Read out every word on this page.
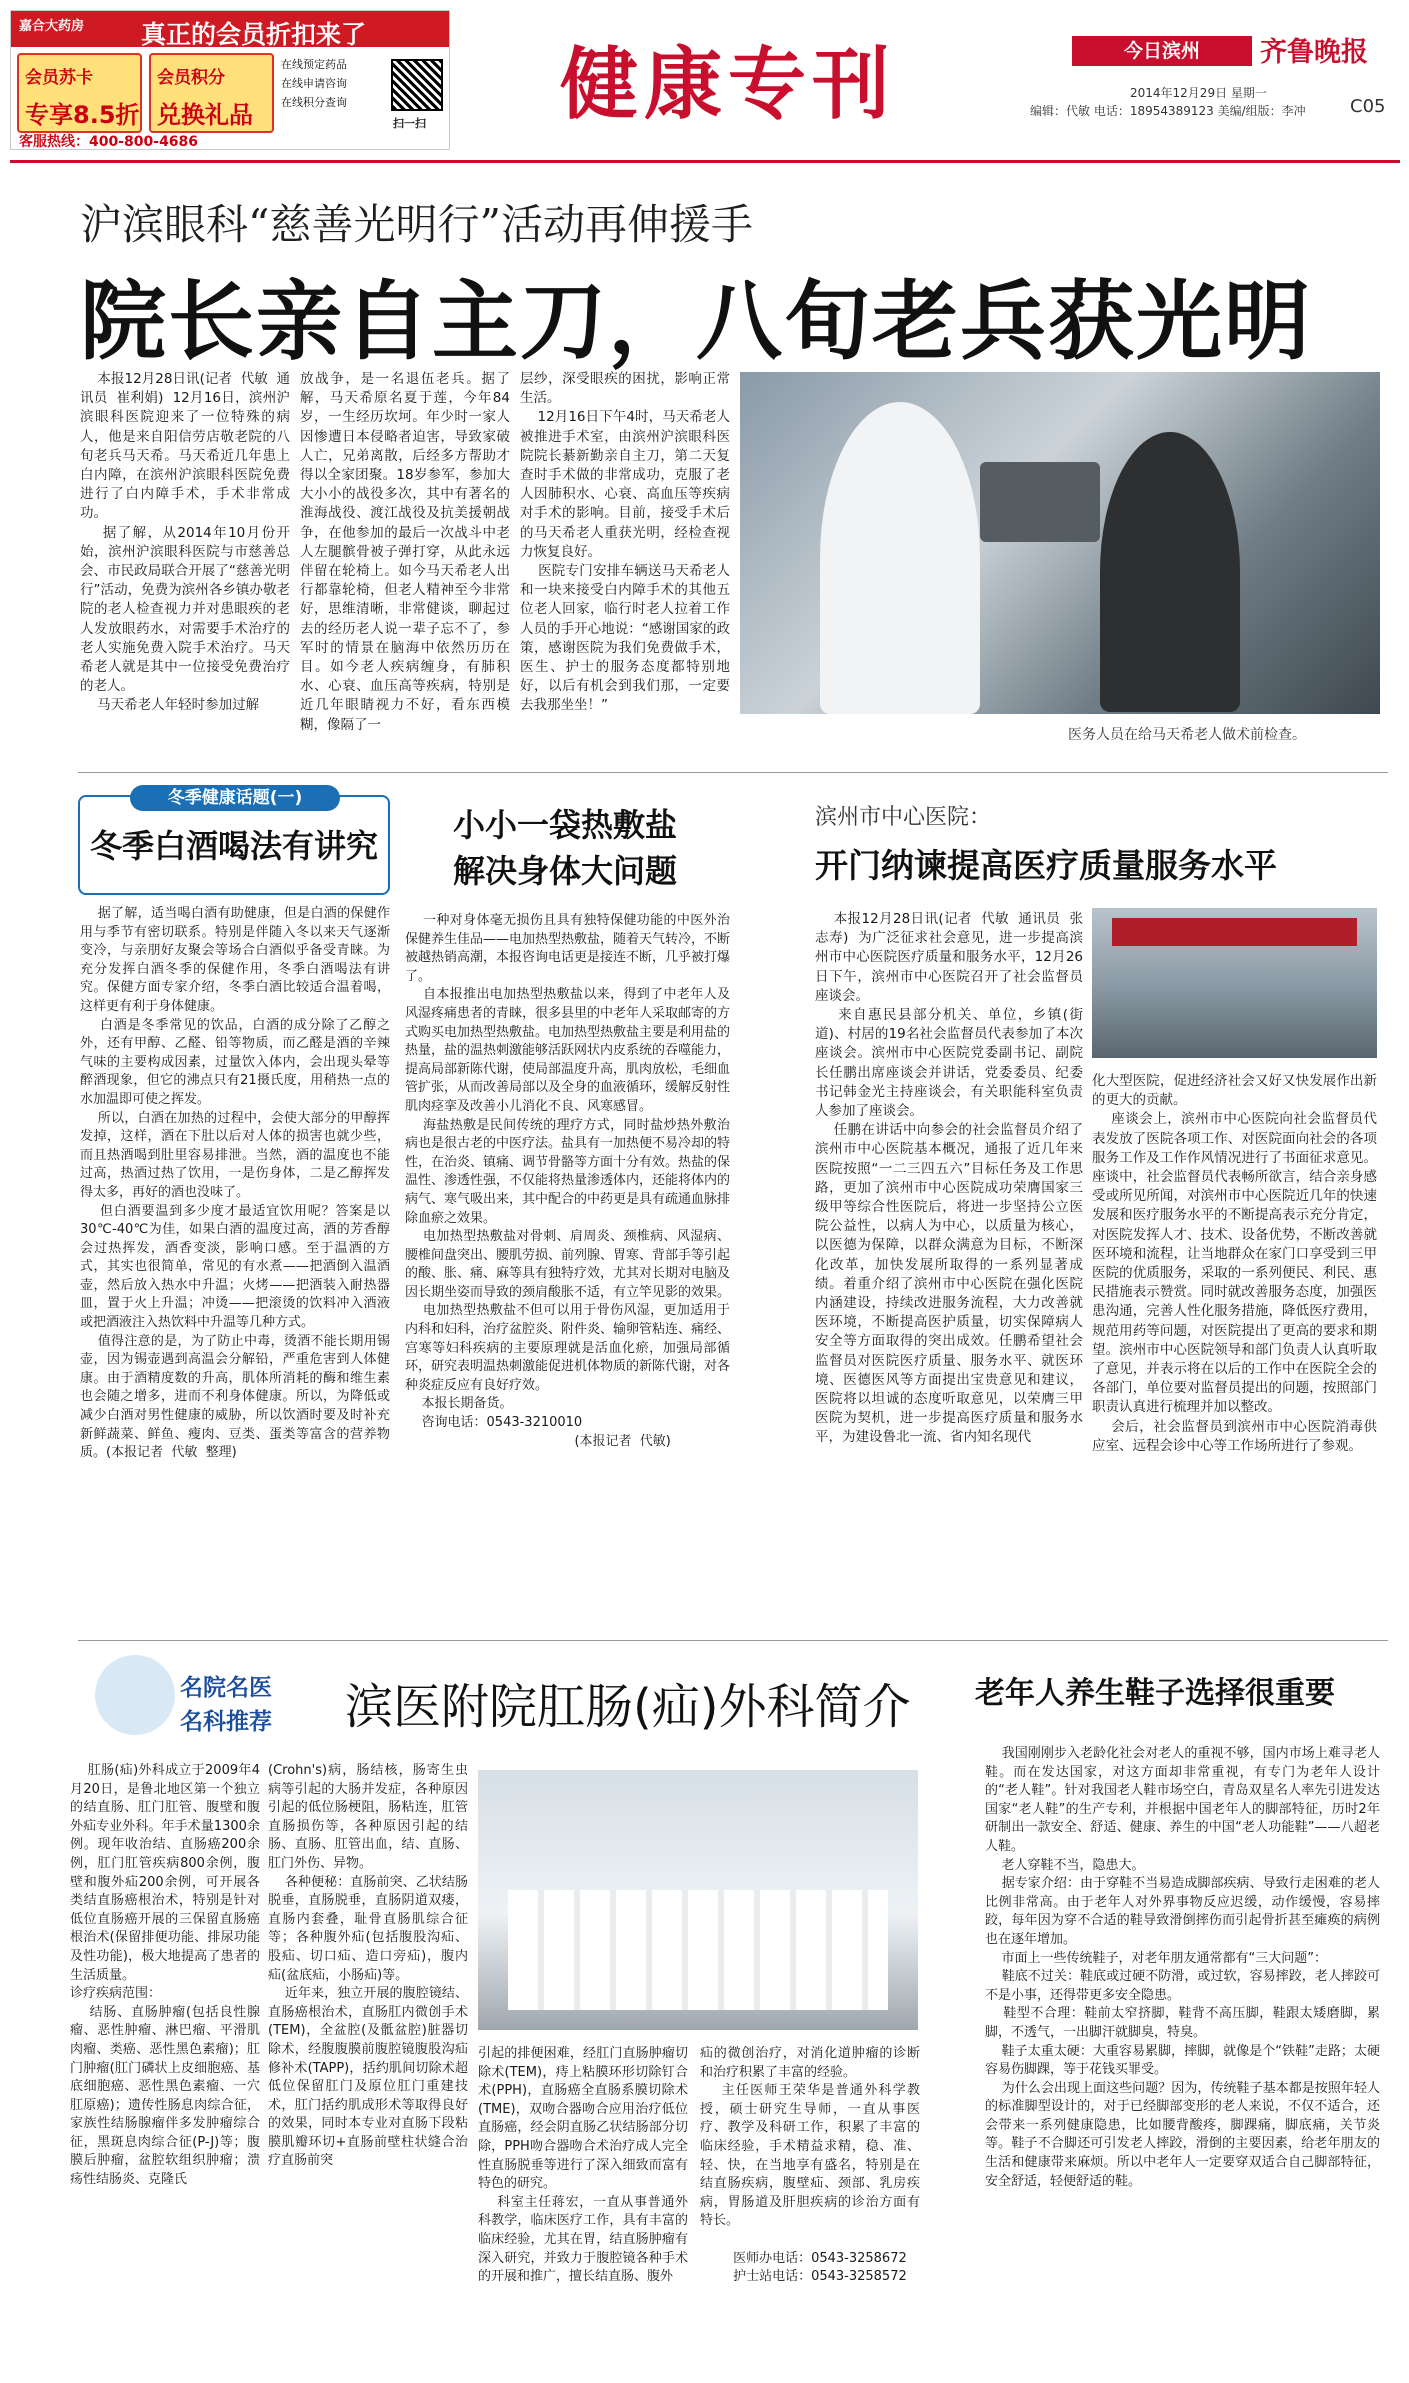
嘉合大药房 真正的会员折扣来了
会员苏卡
专享8.5折
会员积分
兑换礼品
在线预定药品
在线申请咨询
在线积分查询
扫一扫
客服热线：400-800-4686
健康专刊	今日滨州	齐鲁晚报
2014年12月29日 星期一
编辑：代敏 电话：18954389123 美编/组版：李冲 C05
沪滨眼科“慈善光明行”活动再伸援手
院长亲自主刀，八旬老兵获光明
本报12月28日讯(记者  代敏  通讯员  崔利娟)  12月16日，滨州沪滨眼科医院迎来了一位特殊的病人，他是来自阳信劳店敬老院的八旬老兵马天希。马天希近几年患上白内障，在滨州沪滨眼科医院免费进行了白内障手术，手术非常成功。
据了解，从2014年10月份开始，滨州沪滨眼科医院与市慈善总会、市民政局联合开展了“慈善光明行”活动，免费为滨州各乡镇办敬老院的老人检查视力并对患眼疾的老人发放眼药水，对需要手术治疗的老人实施免费入院手术治疗。马天希老人就是其中一位接受免费治疗的老人。
马天希老人年轻时参加过解
放战争，是一名退伍老兵。据了解，马天希原名夏于莲，今年84岁，一生经历坎坷。年少时一家人因惨遭日本侵略者迫害，导致家破人亡，兄弟离散，后经多方帮助才得以全家团聚。18岁参军，参加大大小小的战役多次，其中有著名的淮海战役、渡江战役及抗美援朝战争，在他参加的最后一次战斗中老人左腿髌骨被子弹打穿，从此永远伴留在轮椅上。如今马天希老人出行都靠轮椅，但老人精神至今非常好，思维清晰，非常健谈，聊起过去的经历老人说一辈子忘不了，参军时的情景在脑海中依然历历在目。如今老人疾病缠身，有肺积水、心衰、血压高等疾病，特别是近几年眼睛视力不好，看东西模糊，像隔了一
层纱，深受眼疾的困扰，影响正常生活。
12月16日下午4时，马天希老人被推进手术室，由滨州沪滨眼科医院院长綦新勤亲自主刀，第二天复查时手术做的非常成功，克服了老人因肺积水、心衰、高血压等疾病对手术的影响。目前，接受手术后的马天希老人重获光明，经检查视力恢复良好。
医院专门安排车辆送马天希老人和一块来接受白内障手术的其他五位老人回家，临行时老人拉着工作人员的手开心地说：“感谢国家的政策，感谢医院为我们免费做手术，医生、护士的服务态度都特别地好，以后有机会到我们那，一定要去我那坐坐！”
医务人员在给马天希老人做术前检查。
冬季健康话题(一)
冬季白酒喝法有讲究
据了解，适当喝白酒有助健康，但是白酒的保健作用与季节有密切联系。特别是伴随入冬以来天气逐渐变冷，与亲朋好友聚会等场合白酒似乎备受青睐。为充分发挥白酒冬季的保健作用，冬季白酒喝法有讲究。保健方面专家介绍，冬季白酒比较适合温着喝，这样更有利于身体健康。
白酒是冬季常见的饮品，白酒的成分除了乙醇之外，还有甲醇、乙醛、铅等物质，而乙醛是酒的辛辣气味的主要构成因素，过量饮入体内，会出现头晕等醉酒现象，但它的沸点只有21摄氏度，用稍热一点的水加温即可使之挥发。
所以，白酒在加热的过程中，会使大部分的甲醇挥发掉，这样，酒在下肚以后对人体的损害也就少些，而且热酒喝到肚里容易排泄。当然，酒的温度也不能过高，热酒过热了饮用，一是伤身体，二是乙醇挥发得太多，再好的酒也没味了。
但白酒要温到多少度才最适宜饮用呢？答案是以30℃-40℃为佳，如果白酒的温度过高，酒的芳香醇会过热挥发，酒香变淡，影响口感。至于温酒的方式，其实也很简单，常见的有水煮——把酒倒入温酒壶，然后放入热水中升温；火烤——把酒装入耐热器皿，置于火上升温；冲烫——把滚烫的饮料冲入酒液或把酒液注入热饮料中升温等几种方式。
值得注意的是，为了防止中毒，烫酒不能长期用锡壶，因为锡壶遇到高温会分解铅，严重危害到人体健康。由于酒精度数的升高，肌体所消耗的酶和维生素也会随之增多，进而不利身体健康。所以，为降低或减少白酒对男性健康的威胁，所以饮酒时要及时补充新鲜蔬菜、鲜鱼、瘦肉、豆类、蛋类等富含的营养物质。(本报记者  代敏  整理)
小小一袋热敷盐
解决身体大问题
一种对身体毫无损伤且具有独特保健功能的中医外治保健养生佳品——电加热型热敷盐，随着天气转冷，不断被越热销高潮，本报咨询电话更是接连不断，几乎被打爆了。
自本报推出电加热型热敷盐以来，得到了中老年人及风湿疼痛患者的青睐，很多县里的中老年人采取邮寄的方式购买电加热型热敷盐。电加热型热敷盐主要是利用盐的热量，盐的温热刺激能够活跃网状内皮系统的吞噬能力，提高局部新陈代谢，使局部温度升高，肌肉放松，毛细血管扩张，从而改善局部以及全身的血液循环，缓解反射性肌肉痉挛及改善小儿消化不良、风寒感冒。
海盐热敷是民间传统的理疗方式，同时盐炒热外敷治病也是很古老的中医疗法。盐具有一加热便不易冷却的特性，在治炎、镇痛、调节骨骼等方面十分有效。热盐的保温性、渗透性强，不仅能将热量渗透体内，还能将体内的病气、寒气吸出来，其中配合的中药更是具有疏通血脉排除血瘀之效果。
电加热型热敷盐对骨刺、肩周炎、颈椎病、风湿病、腰椎间盘突出、腰肌劳损、前列腺、胃寒、背部手等引起的酸、胀、痛、麻等具有独特疗效，尤其对长期对电脑及因长期坐姿而导致的颈肩酸胀不适，有立竿见影的效果。
电加热型热敷盐不但可以用于骨伤风湿，更加适用于内科和妇科，治疗盆腔炎、附件炎、输卵管粘连、痛经、宫寒等妇科疾病的主要原理就是活血化瘀，加强局部循环，研究表明温热刺激能促进机体物质的新陈代谢，对各种炎症反应有良好疗效。
本报长期备货。
咨询电话：0543-3210010
(本报记者  代敏)
滨州市中心医院：
开门纳谏提高医疗质量服务水平
本报12月28日讯(记者  代敏  通讯员  张志寿)  为广泛征求社会意见，进一步提高滨州市中心医院医疗质量和服务水平，12月26日下午，滨州市中心医院召开了社会监督员座谈会。
来自惠民县部分机关、单位，乡镇(街道)、村居的19名社会监督员代表参加了本次座谈会。滨州市中心医院党委副书记、副院长任鹏出席座谈会并讲话，党委委员、纪委书记韩金光主持座谈会，有关职能科室负责人参加了座谈会。
任鹏在讲话中向参会的社会监督员介绍了滨州市中心医院基本概况，通报了近几年来医院按照“一二三四五六”目标任务及工作思路，更加了滨州市中心医院成功荣膺国家三级甲等综合性医院后，将进一步坚持公立医院公益性，以病人为中心，以质量为核心，以医德为保障，以群众满意为目标，不断深化改革，加快发展所取得的一系列显著成绩。着重介绍了滨州市中心医院在强化医院内涵建设，持续改进服务流程，大力改善就医环境，不断提高医护质量，切实保障病人安全等方面取得的突出成效。任鹏希望社会监督员对医院医疗质量、服务水平、就医环境、医德医风等方面提出宝贵意见和建议，医院将以坦诚的态度听取意见，以荣膺三甲医院为契机，进一步提高医疗质量和服务水平，为建设鲁北一流、省内知名现代
化大型医院，促进经济社会又好又快发展作出新的更大的贡献。
座谈会上，滨州市中心医院向社会监督员代表发放了医院各项工作、对医院面向社会的各项服务工作及工作作风情况进行了书面征求意见。座谈中，社会监督员代表畅所欲言，结合亲身感受或所见所闻，对滨州市中心医院近几年的快速发展和医疗服务水平的不断提高表示充分肯定，对医院发挥人才、技术、设备优势，不断改善就医环境和流程，让当地群众在家门口享受到三甲医院的优质服务，采取的一系列便民、利民、惠民措施表示赞赏。同时就改善服务态度，加强医患沟通，完善人性化服务措施，降低医疗费用，规范用药等问题，对医院提出了更高的要求和期望。滨州市中心医院领导和部门负责人认真听取了意见，并表示将在以后的工作中在医院全会的各部门，单位要对监督员提出的问题，按照部门职责认真进行梳理并加以整改。
会后，社会监督员到滨州市中心医院消毒供应室、远程会诊中心等工作场所进行了参观。
名院名医
名科推荐 滨医附院肛肠(疝)外科简介
肛肠(疝)外科成立于2009年4月20日，是鲁北地区第一个独立的结直肠、肛门肛管、腹壁和腹外疝专业外科。年手术量1300余例。现年收治结、直肠癌200余例，肛门肛管疾病800余例，腹壁和腹外疝200余例，可开展各类结直肠癌根治术，特别是针对低位直肠癌开展的三保留直肠癌根治术(保留排便功能、排尿功能及性功能)，极大地提高了患者的生活质量。
诊疗疾病范围：
结肠、直肠肿瘤(包括良性腺瘤、恶性肿瘤、淋巴瘤、平滑肌肉瘤、类癌、恶性黑色素瘤)；肛门肿瘤(肛门磷状上皮细胞癌、基底细胞癌、恶性黑色素瘤、一穴肛原癌)；遗传性肠息肉综合征，家族性结肠腺瘤伴多发肿瘤综合征，黑斑息肉综合征(P-J)等；腹膜后肿瘤，盆腔软组织肿瘤；溃疡性结肠炎、克隆氏
(Crohn's)病，肠结核，肠寄生虫病等引起的大肠并发症，各种原因引起的低位肠梗阻，肠粘连，肛管直肠损伤等，各种原因引起的结肠、直肠、肛管出血，结、直肠、肛门外伤、异物。
各种便秘：直肠前突、乙状结肠脱垂，直肠脱垂，直肠阴道双瘘，直肠内套叠，耻骨直肠肌综合征等；各种腹外疝(包括腹股沟疝、股疝、切口疝、造口旁疝)，腹内疝(盆底疝，小肠疝)等。
近年来，独立开展的腹腔镜结、直肠癌根治术，直肠肛内微创手术(TEM)，全盆腔(及骶盆腔)脏器切除术，经腹腹膜前腹腔镜腹股沟疝修补术(TAPP)，括约肌间切除术超低位保留肛门及原位肛门重建技术，肛门括约肌成形术等取得良好的效果，同时本专业对直肠下段粘膜肌瓣环切+直肠前壁柱状缝合治疗直肠前突
引起的排便困难，经肛门直肠肿瘤切除术(TEM)，痔上粘膜环形切除钉合术(PPH)，直肠癌全直肠系膜切除术(TME)，双吻合器吻合应用治疗低位直肠癌，经会阴直肠乙状结肠部分切除，PPH吻合器吻合术治疗成人完全性直肠脱垂等进行了深入细致而富有特色的研究。
科室主任蒋宏，一直从事普通外科教学，临床医疗工作，具有丰富的临床经验，尤其在胃，结直肠肿瘤有深入研究，并致力于腹腔镜各种手术的开展和推广，擅长结直肠、腹外
疝的微创治疗，对消化道肿瘤的诊断和治疗积累了丰富的经验。
主任医师王荣华是普通外科学教授，硕士研究生导师，一直从事医疗、教学及科研工作，积累了丰富的临床经验，手术精益求精，稳、准、轻、快，在当地享有盛名，特别是在结直肠疾病，腹壁疝、颈部、乳房疾病，胃肠道及肝胆疾病的诊治方面有特长。

医师办电话：0543-3258672
护士站电话：0543-3258572
老年人养生鞋子选择很重要
我国刚刚步入老龄化社会对老人的重视不够，国内市场上难寻老人鞋。而在发达国家，对这方面却非常重视，有专门为老年人设计的“老人鞋”。针对我国老人鞋市场空白，青岛双星名人率先引进发达国家“老人鞋”的生产专利，并根据中国老年人的脚部特征，历时2年研制出一款安全、舒适、健康、养生的中国“老人功能鞋”——八超老人鞋。
老人穿鞋不当，隐患大。
据专家介绍：由于穿鞋不当易造成脚部疾病、导致行走困难的老人比例非常高。由于老年人对外界事物反应迟缓，动作缓慢，容易摔跤，每年因为穿不合适的鞋导致滑倒摔伤而引起骨折甚至瘫痪的病例也在逐年增加。
市面上一些传统鞋子，对老年朋友通常都有“三大问题”：
鞋底不过关：鞋底或过硬不防滑，或过软，容易摔跤，老人摔跤可不是小事，还得带更多安全隐患。
鞋型不合理：鞋前太窄挤脚，鞋背不高压脚，鞋跟太矮磨脚，累脚，不透气，一出脚汗就脚臭，特臭。
鞋子太重太硬：大重容易累脚，摔脚，就像是个“铁鞋”走路；太硬容易伤脚踝，等于花钱买罪受。
为什么会出现上面这些问题？因为，传统鞋子基本都是按照年轻人的标准脚型设计的，对于已经脚部变形的老人来说，不仅不适合，还会带来一系列健康隐患，比如腰背酸疼，脚踝痛，脚底痛，关节炎等。鞋子不合脚还可引发老人摔跤，滑倒的主要因素，给老年朋友的生活和健康带来麻烦。所以中老年人一定要穿双适合自己脚部特征，安全舒适，轻便舒适的鞋。
